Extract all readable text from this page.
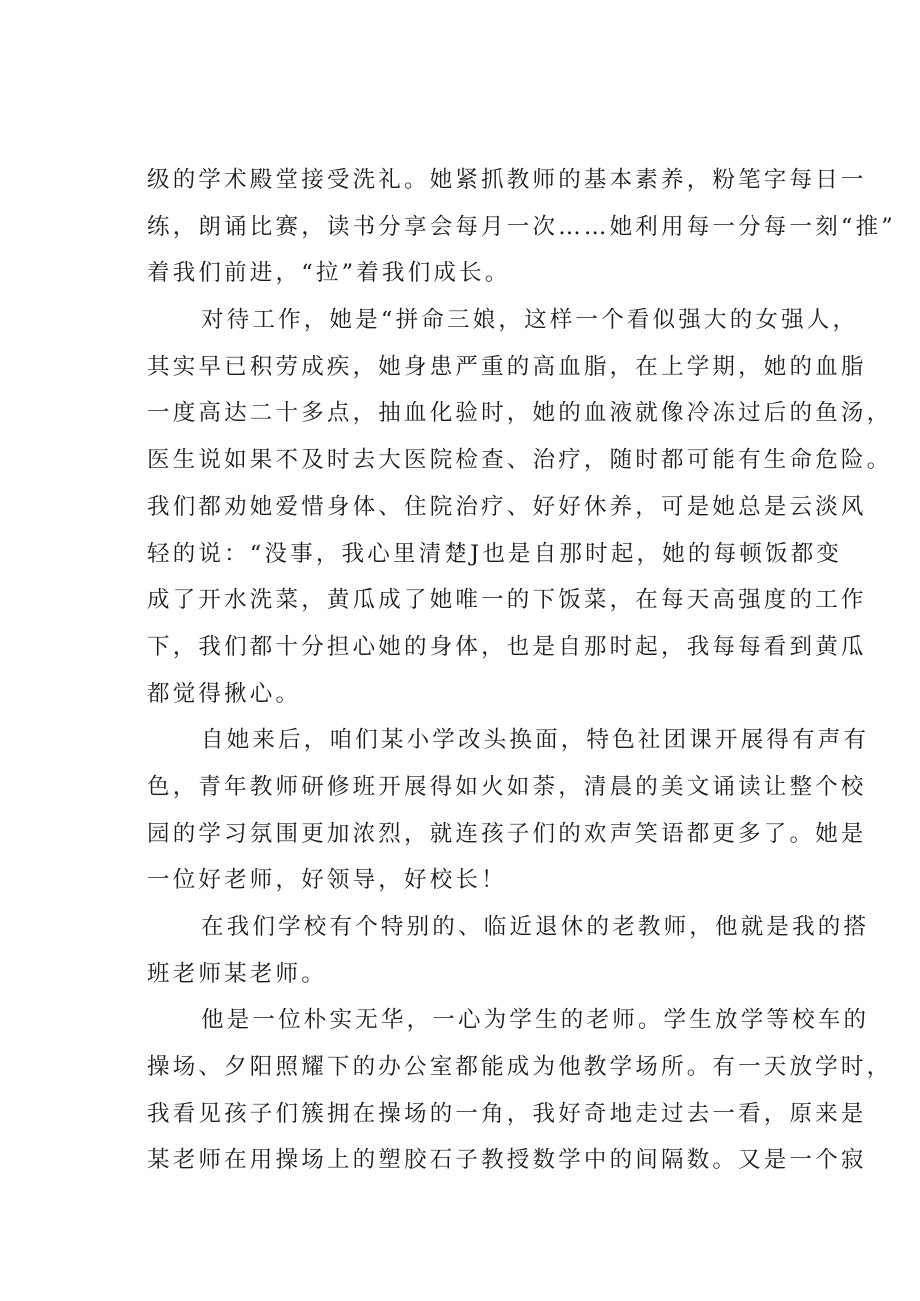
级的学术殿堂接受洗礼。她紧抓教师的基本素养，粉笔字每日一
练，朗诵比赛，读书分享会每月一次……她利用每一分每一刻“推”
着我们前进，“拉”着我们成长。
对待工作，她是“拼命三娘，这样一个看似强大的女强人，
其实早已积劳成疾，她身患严重的高血脂，在上学期，她的血脂
一度高达二十多点，抽血化验时，她的血液就像冷冻过后的鱼汤，
医生说如果不及时去大医院检查、治疗，随时都可能有生命危险。
我们都劝她爱惜身体、住院治疗、好好休养，可是她总是云淡风
轻的说：“没事，我心里清楚J也是自那时起，她的每顿饭都变
成了开水洗菜，黄瓜成了她唯一的下饭菜，在每天高强度的工作
下，我们都十分担心她的身体，也是自那时起，我每每看到黄瓜
都觉得揪心。
自她来后，咱们某小学改头换面，特色社团课开展得有声有
色，青年教师研修班开展得如火如荼，清晨的美文诵读让整个校
园的学习氛围更加浓烈，就连孩子们的欢声笑语都更多了。她是
一位好老师，好领导，好校长！
在我们学校有个特别的、临近退休的老教师，他就是我的搭
班老师某老师。
他是一位朴实无华，一心为学生的老师。学生放学等校车的
操场、夕阳照耀下的办公室都能成为他教学场所。有一天放学时，
我看见孩子们簇拥在操场的一角，我好奇地走过去一看，原来是
某老师在用操场上的塑胶石子教授数学中的间隔数。又是一个寂
